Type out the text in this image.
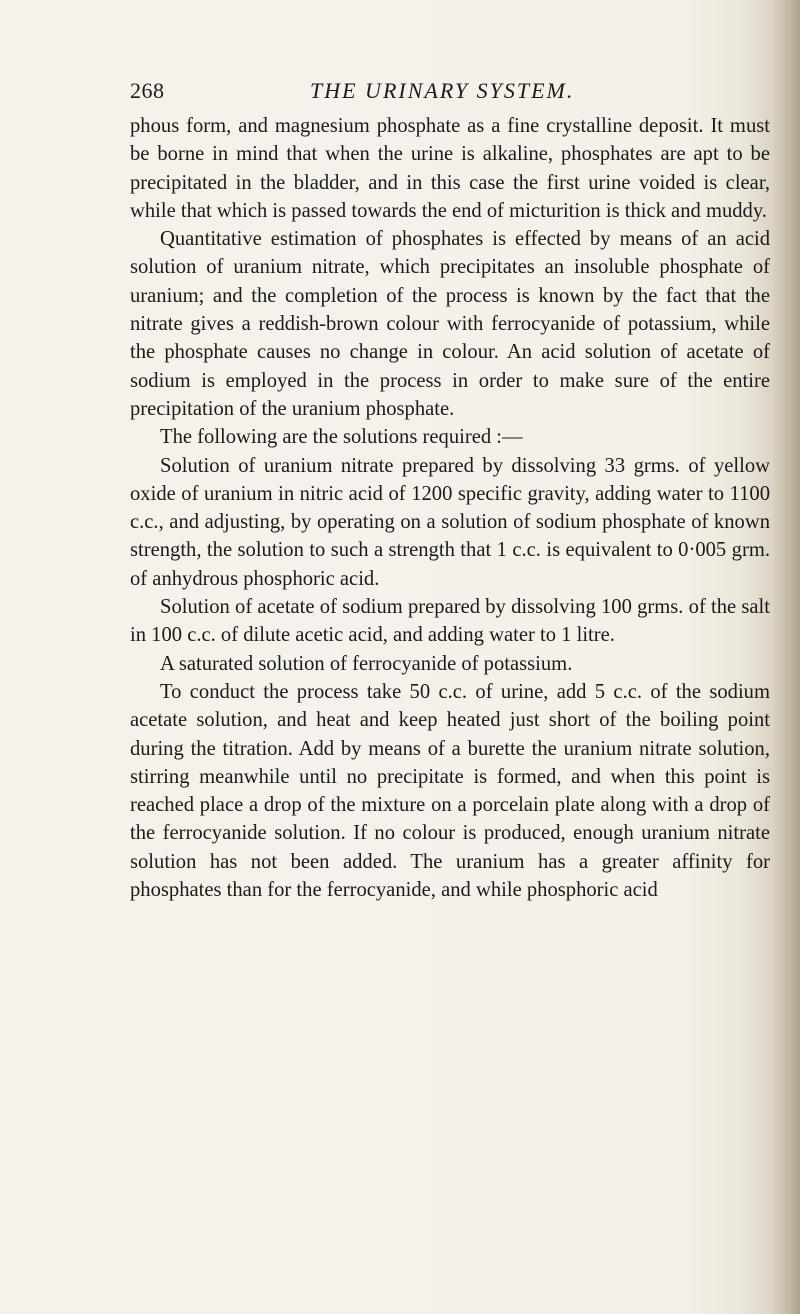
268	THE URINARY SYSTEM.

phous form, and magnesium phosphate as a fine crystalline deposit. It must be borne in mind that when the urine is alkaline, phosphates are apt to be precipitated in the bladder, and in this case the first urine voided is clear, while that which is passed towards the end of micturition is thick and muddy.

Quantitative estimation of phosphates is effected by means of an acid solution of uranium nitrate, which precipitates an insoluble phosphate of uranium; and the completion of the process is known by the fact that the nitrate gives a reddish-brown colour with ferrocyanide of potassium, while the phosphate causes no change in colour. An acid solution of acetate of sodium is employed in the process in order to make sure of the entire precipitation of the uranium phosphate.

The following are the solutions required :—

Solution of uranium nitrate prepared by dissolving 33 grms. of yellow oxide of uranium in nitric acid of 1200 specific gravity, adding water to 1100 c.c., and adjusting, by operating on a solution of sodium phosphate of known strength, the solution to such a strength that 1 c.c. is equivalent to 0·005 grm. of anhydrous phosphoric acid.

Solution of acetate of sodium prepared by dissolving 100 grms. of the salt in 100 c.c. of dilute acetic acid, and adding water to 1 litre.

A saturated solution of ferrocyanide of potassium.

To conduct the process take 50 c.c. of urine, add 5 c.c. of the sodium acetate solution, and heat and keep heated just short of the boiling point during the titration. Add by means of a burette the uranium nitrate solution, stirring meanwhile until no precipitate is formed, and when this point is reached place a drop of the mixture on a porcelain plate along with a drop of the ferrocyanide solution. If no colour is produced, enough uranium nitrate solution has not been added. The uranium has a greater affinity for phosphates than for the ferrocyanide, and while phosphoric acid
